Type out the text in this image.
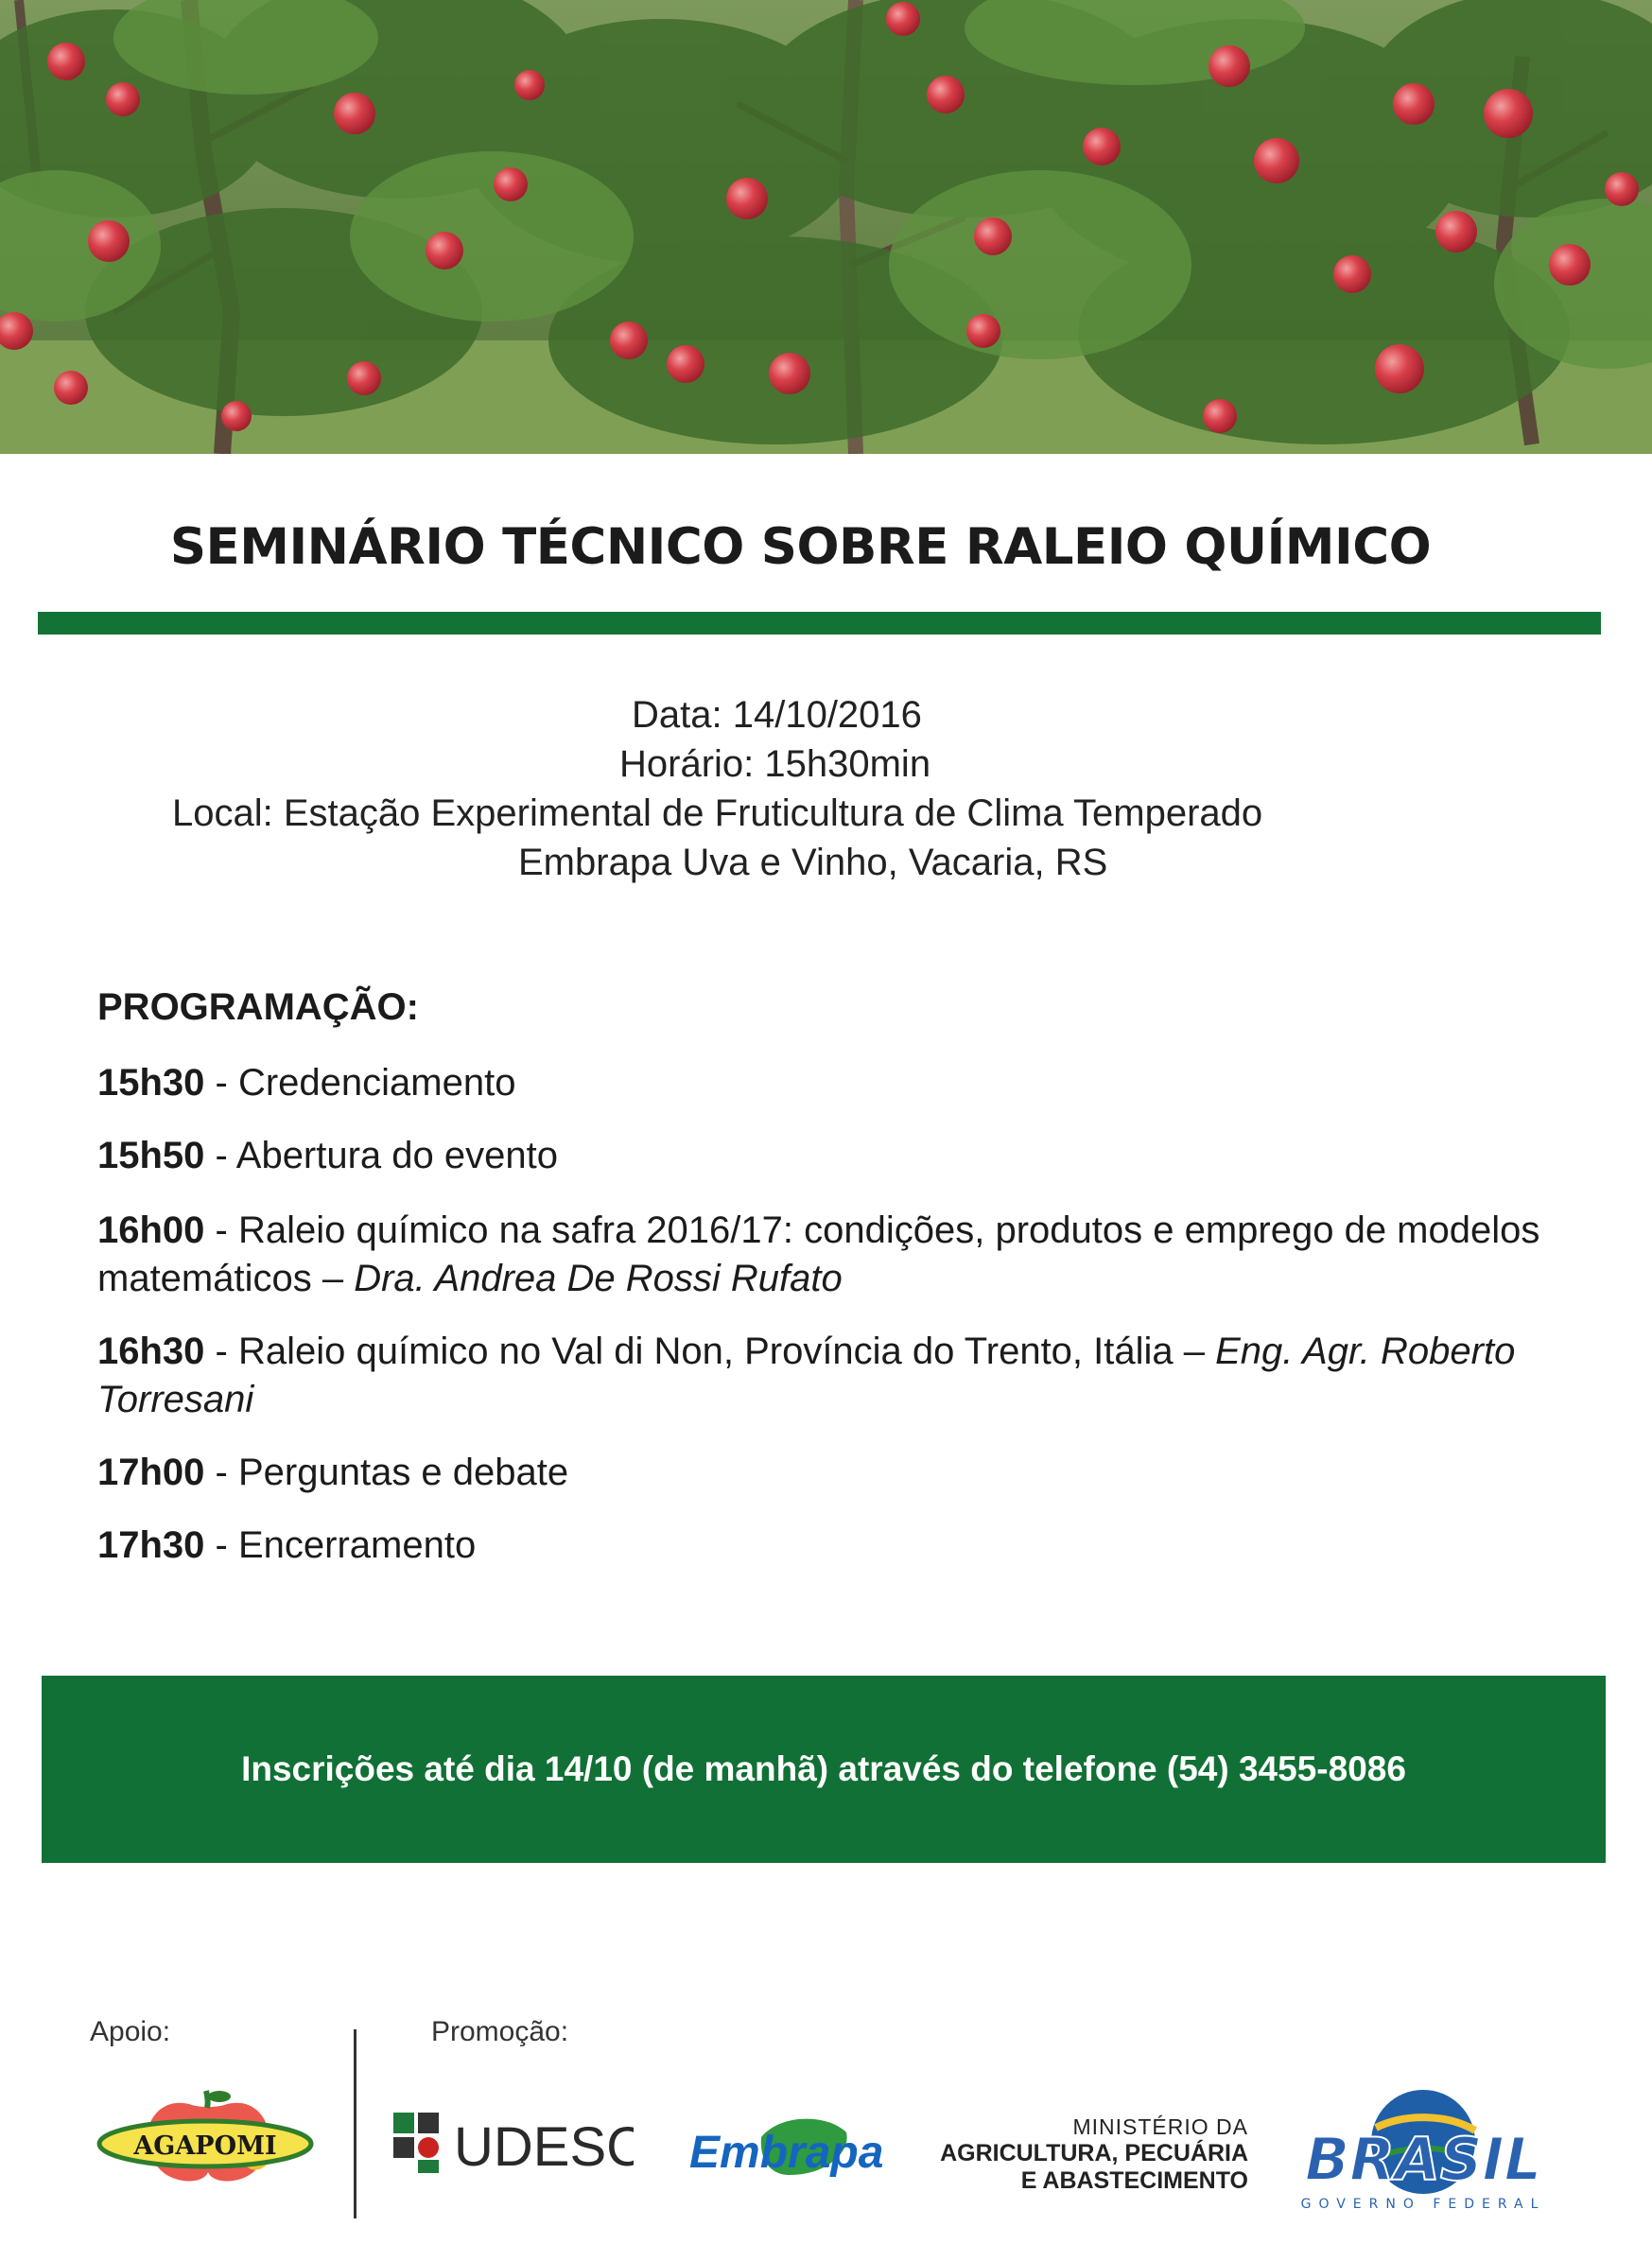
SEMINÁRIO TÉCNICO SOBRE RALEIO QUÍMICO
Data: 14/10/2016
Horário: 15h30min
Local: Estação Experimental de Fruticultura de Clima Temperado
Embrapa Uva e Vinho, Vacaria, RS
PROGRAMAÇÃO:
15h30 - Credenciamento
15h50 - Abertura do evento
16h00 - Raleio químico na safra 2016/17: condições, produtos e emprego de modelos matemáticos – Dra. Andrea De Rossi Rufato
16h30 - Raleio químico no Val di Non, Província do Trento, Itália – Eng. Agr. Roberto Torresani
17h00 - Perguntas e debate
17h30 - Encerramento
Inscrições até dia 14/10 (de manhã) através do telefone (54) 3455-8086
Apoio:	Promoção:
AGAPOMI	UDESC Embrapa
MINISTÉRIO DA
AGRICULTURA, PECUÁRIA
E ABASTECIMENTO BRASIL
GOVERNO FEDERAL
